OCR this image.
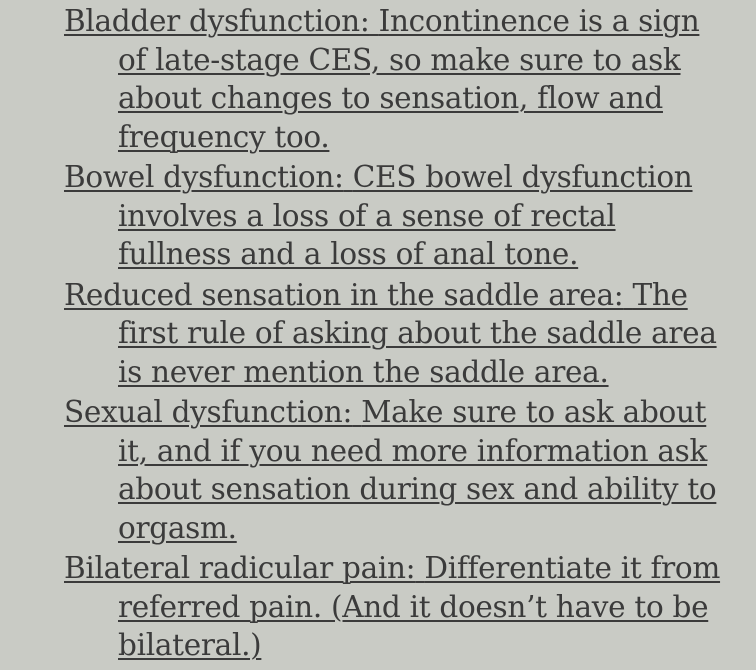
Bladder dysfunction: Incontinence is a sign of late-stage CES, so make sure to ask about changes to sensation, flow and frequency too.
Bowel dysfunction: CES bowel dysfunction involves a loss of a sense of rectal fullness and a loss of anal tone.
Reduced sensation in the saddle area: The first rule of asking about the saddle area is never mention the saddle area.
Sexual dysfunction: Make sure to ask about it, and if you need more information ask about sensation during sex and ability to orgasm.
Bilateral radicular pain: Differentiate it from referred pain. (And it doesn’t have to be bilateral.)
